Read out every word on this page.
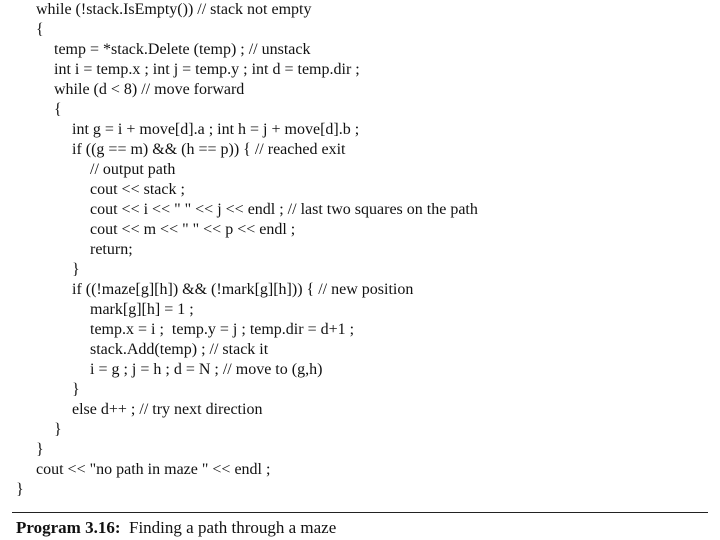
while (!stack.IsEmpty()) // stack not empty
{
temp = *stack.Delete (temp) ; // unstack
int i = temp.x ; int j = temp.y ; int d = temp.dir ;
while (d < 8) // move forward
{
int g = i + move[d].a ; int h = j + move[d].b ;
if ((g == m) && (h == p)) { // reached exit
// output path
cout << stack ;
cout << i << " " << j << endl ; // last two squares on the path
cout << m << " " << p << endl ;
return;
}
if ((!maze[g][h]) && (!mark[g][h])) { // new position
mark[g][h] = 1 ;
temp.x = i ;  temp.y = j ; temp.dir = d+1 ;
stack.Add(temp) ; // stack it
i = g ; j = h ; d = N ; // move to (g,h)
}
else d++ ; // try next direction
}
}
cout << "no path in maze " << endl ;
}
Program 3.16:  Finding a path through a maze
